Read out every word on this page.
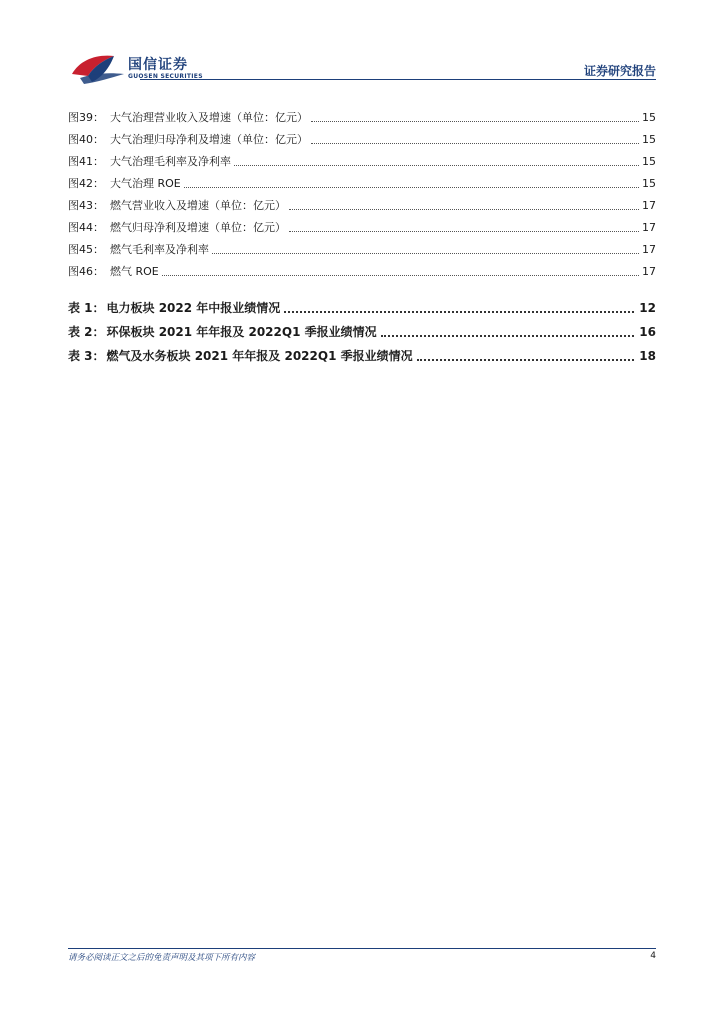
国信证券
GUOSEN SECURITIES	证券研究报告
图39： 大气治理营业收入及增速（单位：亿元）	15
图40： 大气治理归母净利及增速（单位：亿元）	15
图41： 大气治理毛利率及净利率	15
图42： 大气治理 ROE	15
图43： 燃气营业收入及增速（单位：亿元）	17
图44： 燃气归母净利及增速（单位：亿元）	17
图45： 燃气毛利率及净利率	17
图46： 燃气 ROE	17
表 1： 电力板块 2022 年中报业绩情况	12
表 2： 环保板块 2021 年年报及 2022Q1 季报业绩情况	16
表 3： 燃气及水务板块 2021 年年报及 2022Q1 季报业绩情况	18
请务必阅读正文之后的免责声明及其项下所有内容	4
